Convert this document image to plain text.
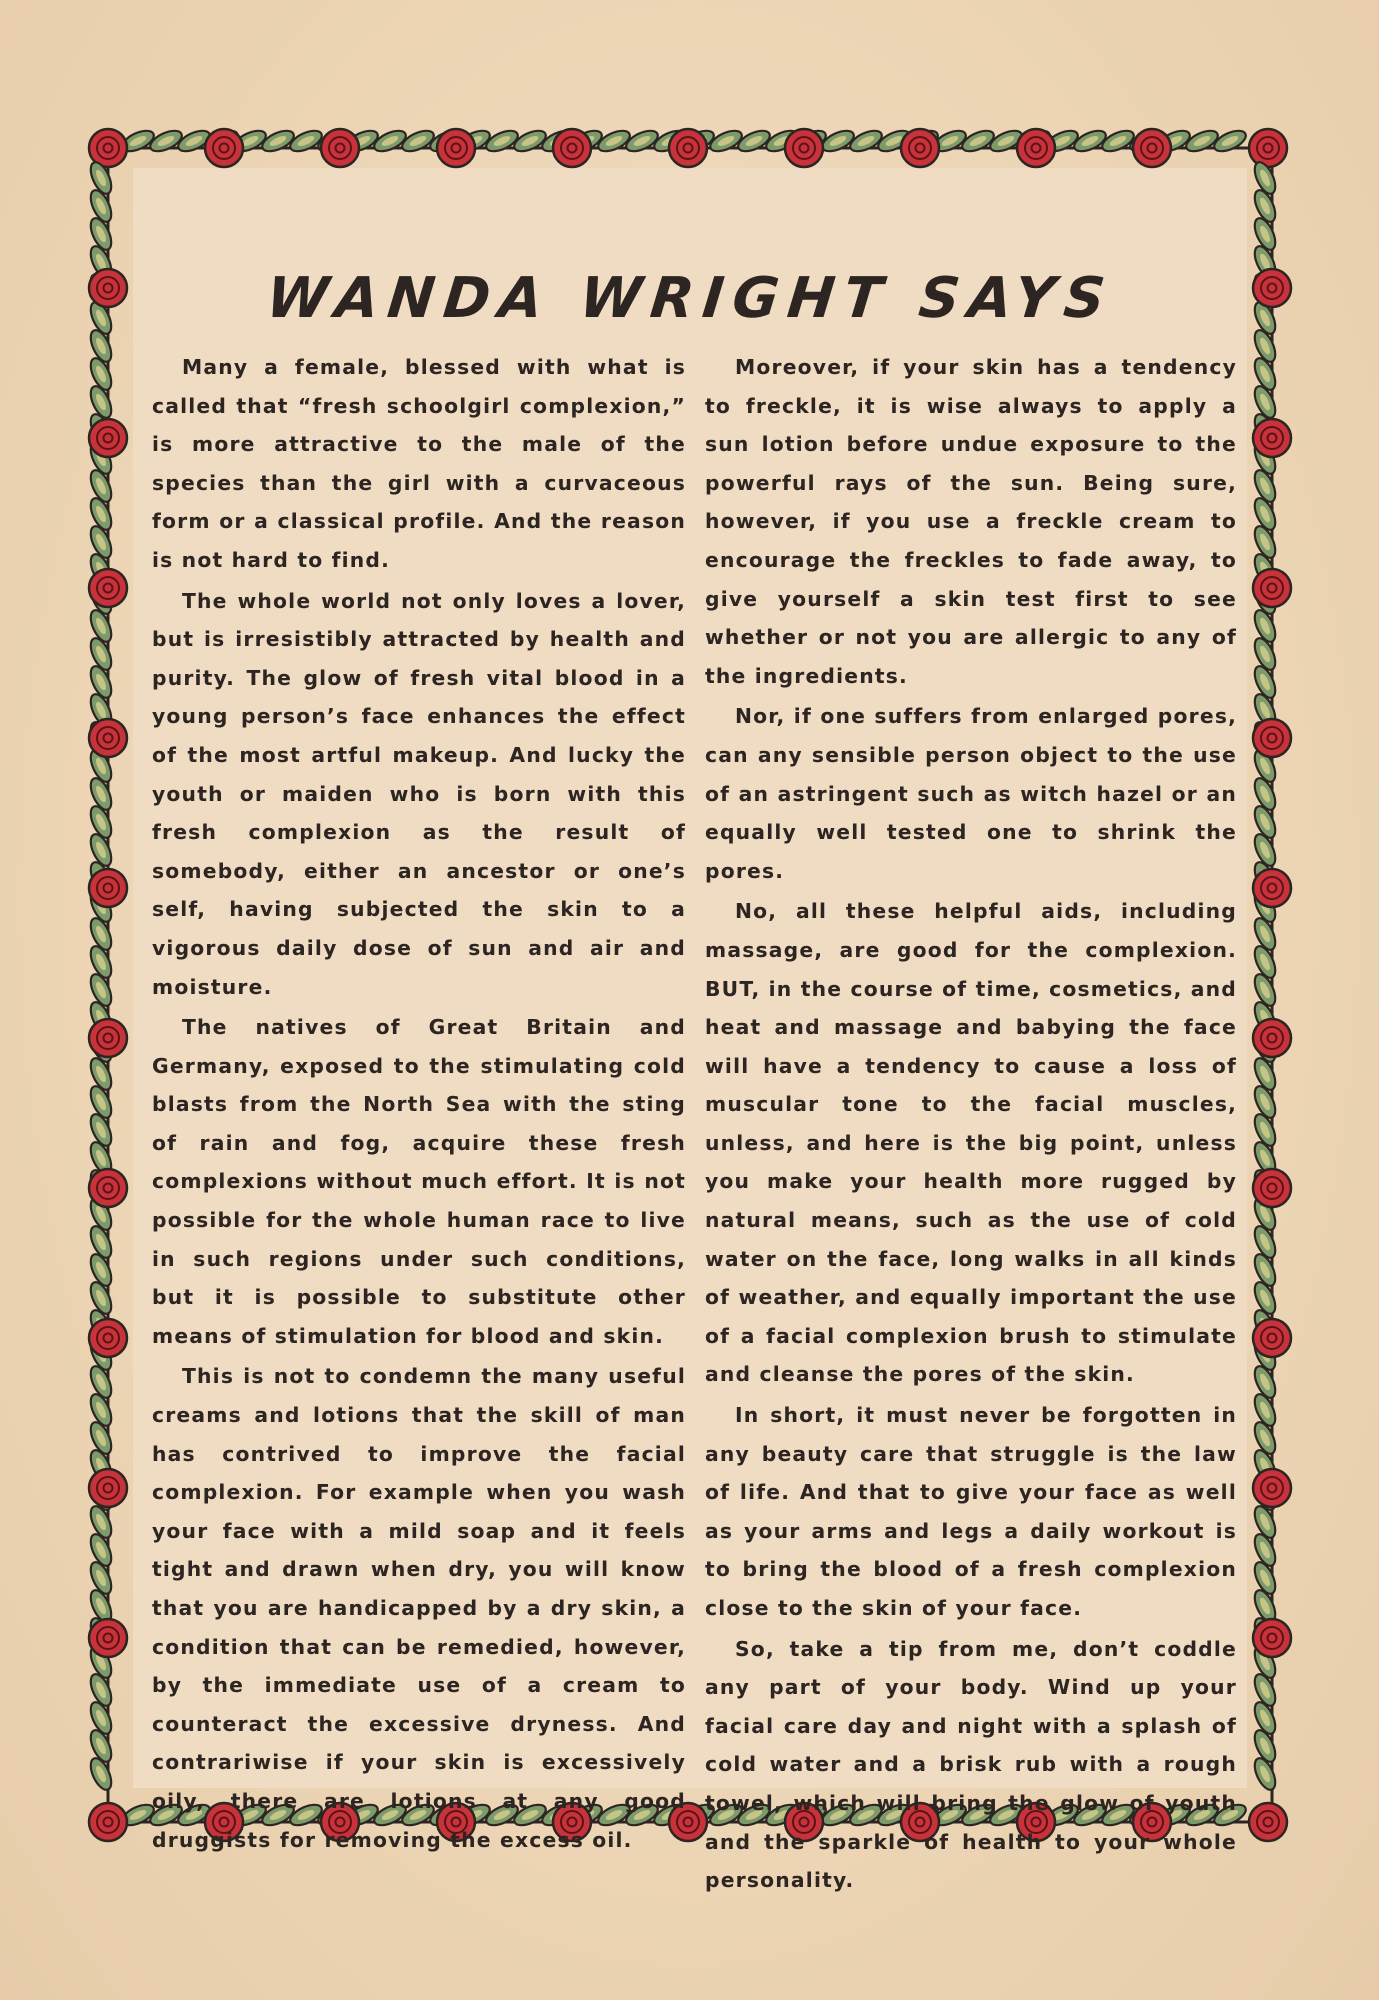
WANDA WRIGHT SAYS

Many a female, blessed with what is called that “fresh schoolgirl complexion,” is more attractive to the male of the species than the girl with a curvaceous form or a classical profile. And the reason is not hard to find.

The whole world not only loves a lover, but is irresistibly attracted by health and purity. The glow of fresh vital blood in a young person’s face enhances the effect of the most artful makeup. And lucky the youth or maiden who is born with this fresh complexion as the result of somebody, either an ancestor or one’s self, having subjected the skin to a vigorous daily dose of sun and air and moisture.

The natives of Great Britain and Germany, exposed to the stimulating cold blasts from the North Sea with the sting of rain and fog, acquire these fresh complexions without much effort. It is not possible for the whole human race to live in such regions under such conditions, but it is possible to substitute other means of stimulation for blood and skin.

This is not to condemn the many useful creams and lotions that the skill of man has contrived to improve the facial complexion. For example when you wash your face with a mild soap and it feels tight and drawn when dry, you will know that you are handicapped by a dry skin, a condition that can be remedied, however, by the immediate use of a cream to counteract the excessive dryness. And contrariwise if your skin is excessively oily, there are lotions at any good druggists for removing the excess oil.

Moreover, if your skin has a tendency to freckle, it is wise always to apply a sun lotion before undue exposure to the powerful rays of the sun. Being sure, however, if you use a freckle cream to encourage the freckles to fade away, to give yourself a skin test first to see whether or not you are allergic to any of the ingredients.

Nor, if one suffers from enlarged pores, can any sensible person object to the use of an astringent such as witch hazel or an equally well tested one to shrink the pores.

No, all these helpful aids, including massage, are good for the complexion. BUT, in the course of time, cosmetics, and heat and massage and babying the face will have a tendency to cause a loss of muscular tone to the facial muscles, unless, and here is the big point, unless you make your health more rugged by natural means, such as the use of cold water on the face, long walks in all kinds of weather, and equally important the use of a facial complexion brush to stimulate and cleanse the pores of the skin.

In short, it must never be forgotten in any beauty care that struggle is the law of life. And that to give your face as well as your arms and legs a daily workout is to bring the blood of a fresh complexion close to the skin of your face.

So, take a tip from me, don’t coddle any part of your body. Wind up your facial care day and night with a splash of cold water and a brisk rub with a rough towel, which will bring the glow of youth and the sparkle of health to your whole personality.
